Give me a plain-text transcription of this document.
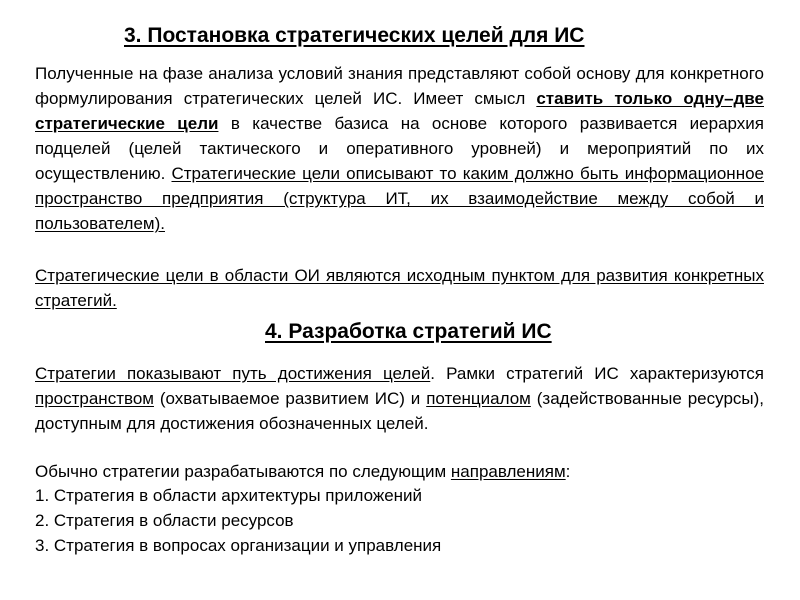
3. Постановка стратегических целей для ИС

Полученные на фазе анализа условий знания представляют собой основу для конкретного формулирования стратегических целей ИС. Имеет смысл ставить только одну–две стратегические цели в качестве базиса на основе которого развивается иерархия подцелей (целей тактического и оперативного уровней) и мероприятий по их осуществлению. Стратегические цели описывают то каким должно быть информационное пространство предприятия (структура ИТ, их взаимодействие между собой и пользователем).

Стратегические цели в области ОИ являются исходным пунктом для развития конкретных стратегий.

4. Разработка стратегий ИС

Стратегии показывают путь достижения целей. Рамки стратегий ИС характеризуются пространством (охватываемое развитием ИС) и потенциалом (задействованные ресурсы), доступным для достижения обозначенных целей.

Обычно стратегии разрабатываются по следующим направлениям:

1. Стратегия в области архитектуры приложений

2. Стратегия в области ресурсов

3. Стратегия в вопросах организации и управления
